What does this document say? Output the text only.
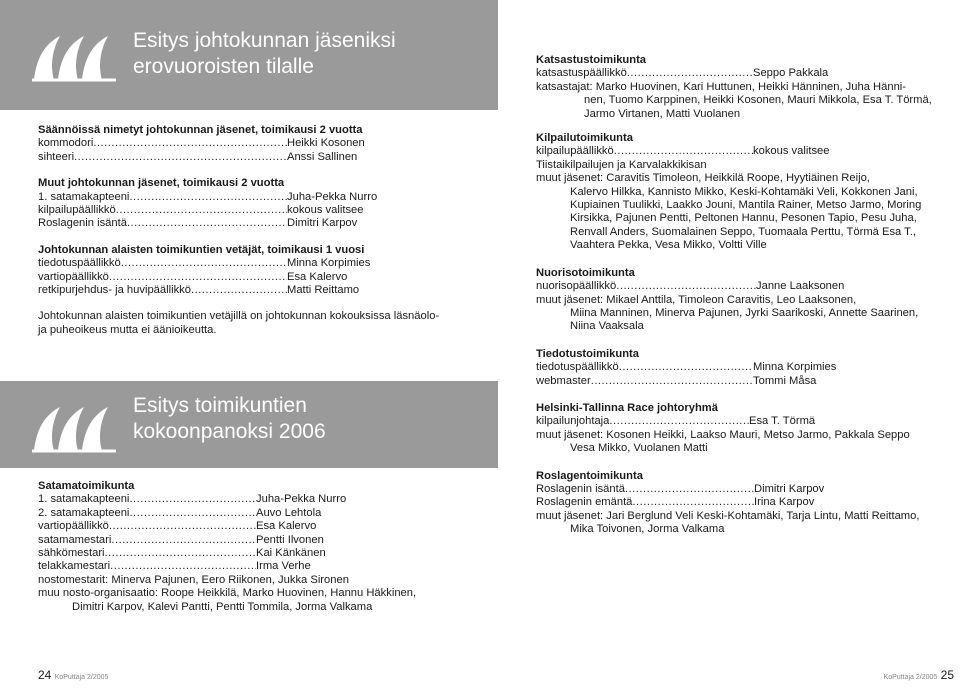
Esitys johtokunnan jäseniksi
erovuoroisten tilalle
Säännöissä nimetyt johtokunnan jäsenet, toimikausi 2 vuotta
kommodori .....	Heikki Kosonen
sihteeri .....	Anssi Sallinen
Muut johtokunnan jäsenet, toimikausi 2 vuotta
1. satamakapteeni .....	Juha-Pekka Nurro
kilpailupäällikkö .....	kokous valitsee
Roslagenin isäntä .....	Dimitri Karpov
Johtokunnan alaisten toimikuntien vetäjät, toimikausi 1 vuosi
tiedotuspäällikkö .....	Minna Korpimies
vartiopäällikkö .....	Esa Kalervo
retkipurjehdus- ja huvipäällikkö .....	Matti Reittamo
Johtokunnan alaisten toimikuntien vetäjillä on johtokunnan kokouksissa läsnäolo-
ja puheoikeus mutta ei äänioikeutta.
Esitys toimikuntien
kokoonpanoksi 2006
Satamatoimikunta
1. satamakapteeni .....	Juha-Pekka Nurro
2. satamakapteeni .....	Auvo Lehtola
vartiopäällikkö .....	Esa Kalervo
satamamestari .....	Pentti Ilvonen
sähkömestari .....	Kai Känkänen
telakkamestari .....	Irma Verhe
nostomestarit: Minerva Pajunen, Eero Riikonen, Jukka Sironen
muu nosto-organisaatio: Roope Heikkilä, Marko Huovinen, Hannu Häkkinen,
Dimitri Karpov, Kalevi Pantti, Pentti Tommila, Jorma Valkama
Katsastustoimikunta
katsastuspäällikkö .....	Seppo Pakkala
katsastajat: Marko Huovinen, Kari Huttunen, Heikki Hänninen, Juha Hänni-
nen, Tuomo Karppinen, Heikki Kosonen, Mauri Mikkola, Esa T. Törmä,
Jarmo Virtanen, Matti Vuolanen
Kilpailutoimikunta
kilpailupäällikkö .....	kokous valitsee
Tiistaikilpailujen ja Karvalakkikisan
muut jäsenet: Caravitis Timoleon, Heikkilä Roope, Hyytiäinen Reijo,
Kalervo Hilkka, Kannisto Mikko, Keski-Kohtamäki Veli, Kokkonen Jani,
Kupiainen Tuulikki, Laakko Jouni, Mantila Rainer, Metso Jarmo, Moring
Kirsikka, Pajunen Pentti, Peltonen Hannu, Pesonen Tapio, Pesu Juha,
Renvall Anders, Suomalainen Seppo, Tuomaala Perttu, Törmä Esa T.,
Vaahtera Pekka, Vesa Mikko, Voltti Ville
Nuorisotoimikunta
nuorisopäällikkö .....	Janne Laaksonen
muut jäsenet: Mikael Anttila, Timoleon Caravitis, Leo Laaksonen,
Miina Manninen, Minerva Pajunen, Jyrki Saarikoski, Annette Saarinen,
Niina Vaaksala
Tiedotustoimikunta
tiedotuspäällikkö .....	Minna Korpimies
webmaster .....	Tommi Måsa
Helsinki-Tallinna Race johtoryhmä
kilpailunjohtaja .....	Esa T. Törmä
muut jäsenet: Kosonen Heikki, Laakso Mauri, Metso Jarmo, Pakkala Seppo
Vesa Mikko, Vuolanen Matti
Roslagentoimikunta
Roslagenin isäntä .....	Dimitri Karpov
Roslagenin emäntä .....	Irina Karpov
muut jäsenet: Jari Berglund Veli Keski-Kohtamäki, Tarja Lintu, Matti Reittamo,
Mika Toivonen, Jorma Valkama
24 KoPuttaja 2/2005	KoPuttaja 2/2005 25
